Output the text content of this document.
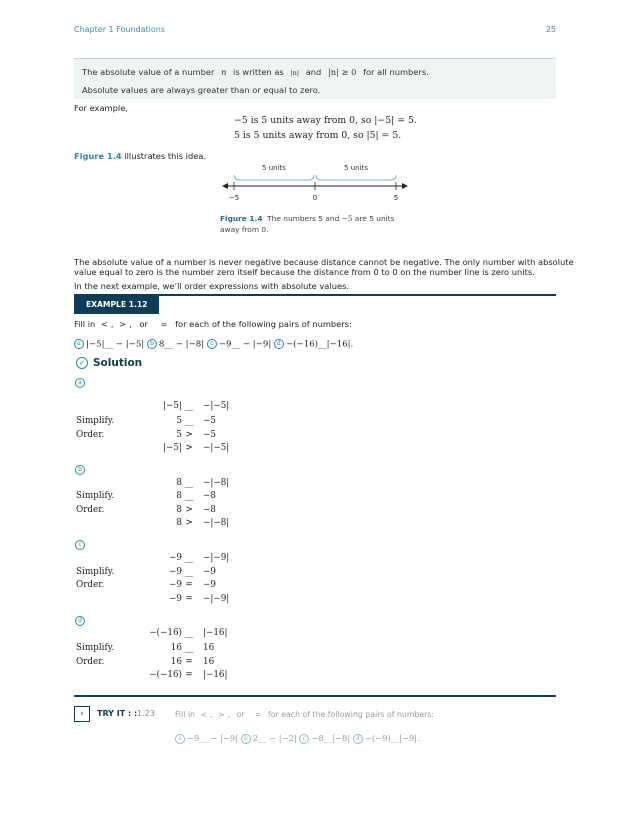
Chapter 1 Foundations	25
The absolute value of a number n is written as |n| and |n| ≥ 0 for all numbers.
Absolute values are always greater than or equal to zero.
For example,
−5 is 5 units away from 0, so |−5| = 5.
5 is 5 units away from 0, so |5| = 5.
Figure 1.4 illustrates this idea.
5 units	5 units
−5	0	5
Figure 1.4 The numbers 5 and −5 are 5 units
away from 0.
The absolute value of a number is never negative because distance cannot be negative. The only number with absolute
value equal to zero is the number zero itself because the distance from 0 to 0 on the number line is zero units.
In the next example, we’ll order expressions with absolute values.
EXAMPLE 1.12
Fill in < , > , or = for each of the following pairs of numbers:
a |−5|__ − |−5| b 8__ − |−8| c −9__ − |−9| d −(−16)__|−16|.
✓ Solution
a
|−5| __ −|−5|
Simplify.	5 __ −5
Order.	5 >	−5
|−5| >	−|−5|
b
8 __ −|−8|
Simplify.	8 __ −8
Order.	8 >	−8
8 >	−|−8|
c
−9 __ −|−9|
Simplify.	−9 __ −9
Order.	−9 =	−9
−9 =	−|−9|
d
−(−16) __ |−16|
Simplify.	16 __ 16
Order.	16 =	16
−(−16) =	|−16|
›	TRY IT : : 1.23	Fill in < , > , or = for each of the following pairs of numbers:
a −9__ − |−9| b 2__ − |−2| c −8__|−8| d −(−9)__|−9|.
